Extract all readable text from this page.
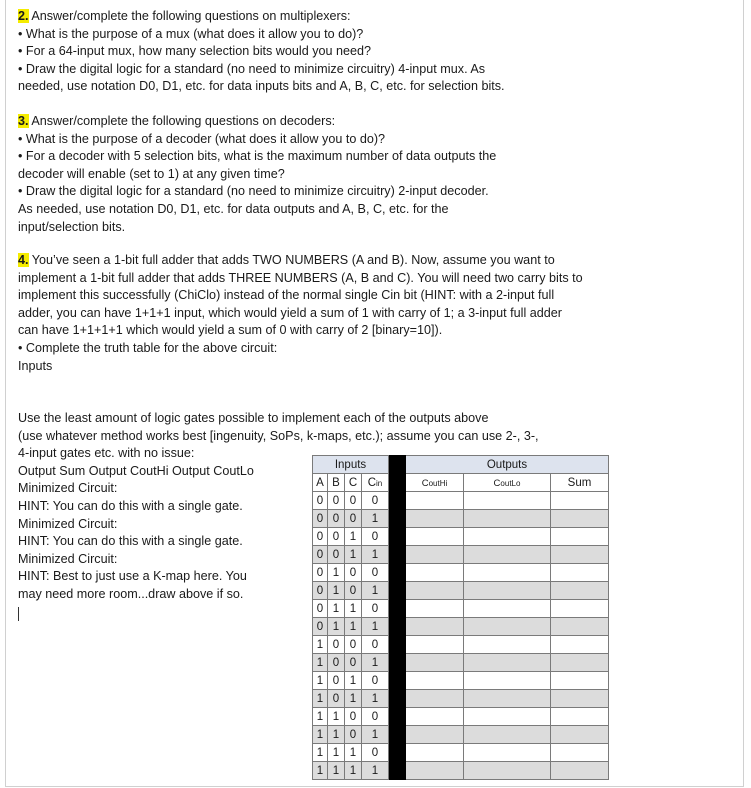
2. Answer/complete the following questions on multiplexers:

• What is the purpose of a mux (what does it allow you to do)?

• For a 64-input mux, how many selection bits would you need?

• Draw the digital logic for a standard (no need to minimize circuitry) 4-input mux. As

needed, use notation D0, D1, etc. for data inputs bits and A, B, C, etc. for selection bits.

3. Answer/complete the following questions on decoders:

• What is the purpose of a decoder (what does it allow you to do)?

• For a decoder with 5 selection bits, what is the maximum number of data outputs the

decoder will enable (set to 1) at any given time?

• Draw the digital logic for a standard (no need to minimize circuitry) 2-input decoder.

As needed, use notation D0, D1, etc. for data outputs and A, B, C, etc. for the

input/selection bits.

4. You’ve seen a 1-bit full adder that adds TWO NUMBERS (A and B). Now, assume you want to

implement a 1-bit full adder that adds THREE NUMBERS (A, B and C). You will need two carry bits to

implement this successfully (ChiClo) instead of the normal single Cin bit (HINT: with a 2-input full

adder, you can have 1+1+1 input, which would yield a sum of 1 with carry of 1; a 3-input full adder

can have 1+1+1+1 which would yield a sum of 0 with carry of 2 [binary=10]).

• Complete the truth table for the above circuit:

Inputs

Use the least amount of logic gates possible to implement each of the outputs above

(use whatever method works best [ingenuity, SoPs, k-maps, etc.); assume you can use 2-, 3-,

4-input gates etc. with no issue:

Output Sum Output CoutHi Output CoutLo

Minimized Circuit:

HINT: You can do this with a single gate.

Minimized Circuit:

HINT: You can do this with a single gate.

Minimized Circuit:

HINT: Best to just use a K-map here. You

may need more room...draw above if so.

Inputs					Outputs		
A	B	C	Cin		CoutHi	CoutLo	Sum
0	0	0	0				
0	0	0	1				
0	0	1	0				
0	0	1	1				
0	1	0	0				
0	1	0	1				
0	1	1	0				
0	1	1	1				
1	0	0	0				
1	0	0	1				
1	0	1	0				
1	0	1	1				
1	1	0	0				
1	1	0	1				
1	1	1	0				
1	1	1	1				
